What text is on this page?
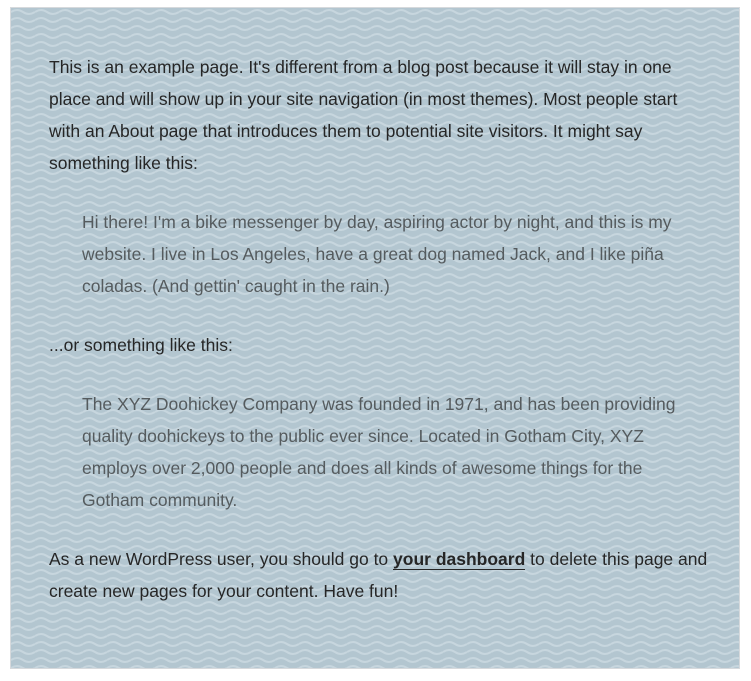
This is an example page. It's different from a blog post because it will stay in one place and will show up in your site navigation (in most themes). Most people start with an About page that introduces them to potential site visitors. It might say something like this:

Hi there! I'm a bike messenger by day, aspiring actor by night, and this is my website. I live in Los Angeles, have a great dog named Jack, and I like piña coladas. (And gettin' caught in the rain.)

...or something like this:

The XYZ Doohickey Company was founded in 1971, and has been providing quality doohickeys to the public ever since. Located in Gotham City, XYZ employs over 2,000 people and does all kinds of awesome things for the Gotham community.

As a new WordPress user, you should go to your dashboard to delete this page and create new pages for your content. Have fun!
